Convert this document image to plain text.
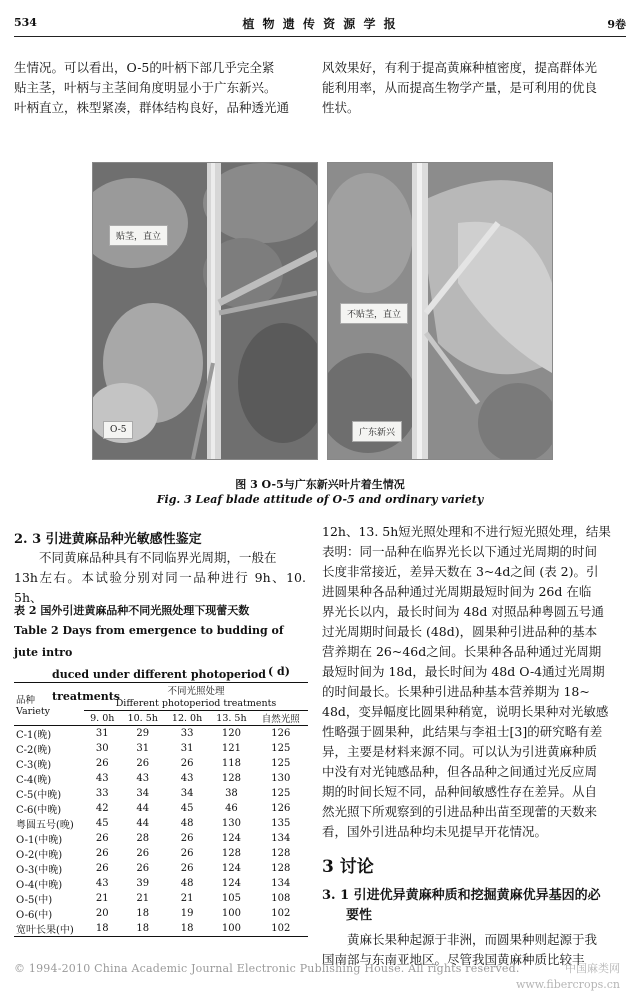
534	植 物 遗 传 资 源 学 报	9卷

生情况。可以看出，O-5的叶柄下部几乎完全紧

贴主茎，叶柄与主茎间角度明显小于广东新兴。

叶柄直立，株型紧凑，群体结构良好，品种透光通

风效果好，有利于提高黄麻种植密度，提高群体光

能利用率，从而提高生物学产量，是可利用的优良

性状。

贴茎，直立
O-5
不贴茎，直立
广东新兴
图 3 O-5与广东新兴叶片着生情况
Fig. 3 Leaf blade attitude of O-5 and ordinary variety
2. 3 引进黄麻品种光敏感性鉴定

不同黄麻品种具有不同临界光周期，一般在

13h左右。本试验分别对同一品种进行 9h、10. 5h、

表 2 国外引进黄麻品种不同光照处理下现蕾天数
Table 2 Days from emergence to budding of jute intro
duced under different photoperiod treatments
( d)
品种
Variety	不同光照处理				
	Different photoperiod treatments				
	9. 0h	10. 5h	12. 0h	13. 5h	自然光照
C-1(晚)	31	29	33	120	126
C-2(晚)	30	31	31	121	125
C-3(晚)	26	26	26	118	125
C-4(晚)	43	43	43	128	130
C-5(中晚)	33	34	34	38	125
C-6(中晚)	42	44	45	46	126
粤圆五号(晚)	45	44	48	130	135
O-1(中晚)	26	28	26	124	134
O-2(中晚)	26	26	26	128	128
O-3(中晚)	26	26	26	124	128
O-4(中晚)	43	39	48	124	134
O-5(中)	21	21	21	105	108
O-6(中)	20	18	19	100	102
宽叶长果(中)	18	18	18	100	102

12h、13. 5h短光照处理和不进行短光照处理，结果

表明：同一品种在临界光长以下通过光周期的时间

长度非常接近，差异天数在 3~4d之间 (表 2)。引

进圆果种各品种通过光周期最短时间为 26d 在临

界光长以内，最长时间为 48d 对照品种粤圆五号通

过光周期时间最长 (48d)，圆果种引进品种的基本

营养期在 26~46d之间。长果种各品种通过光周期

最短时间为 18d，最长时间为 48d O-4通过光周期

的时间最长。长果种引进品种基本营养期为 18~

48d，变异幅度比圆果种稍宽，说明长果种对光敏感

性略强于圆果种，此结果与李祖士[3]的研究略有差

异，主要是材料来源不同。可以认为引进黄麻种质

中没有对光钝感品种，但各品种之间通过光反应周

期的时间长短不同，品种间敏感性存在差异。从自

然光照下所观察到的引进品种出苗至现蕾的天数来

看，国外引进品种均未见提早开花情况。

3 讨论
3. 1 引进优异黄麻种质和挖掘黄麻优异基因的必
要性

黄麻长果种起源于非洲，而圆果种则起源于我

国南部与东南亚地区。尽管我国黄麻种质比较丰

© 1994-2010 China Academic Journal Electronic Publishing House. All rights reserved.	中国麻类网
www.fibercrops.cn
